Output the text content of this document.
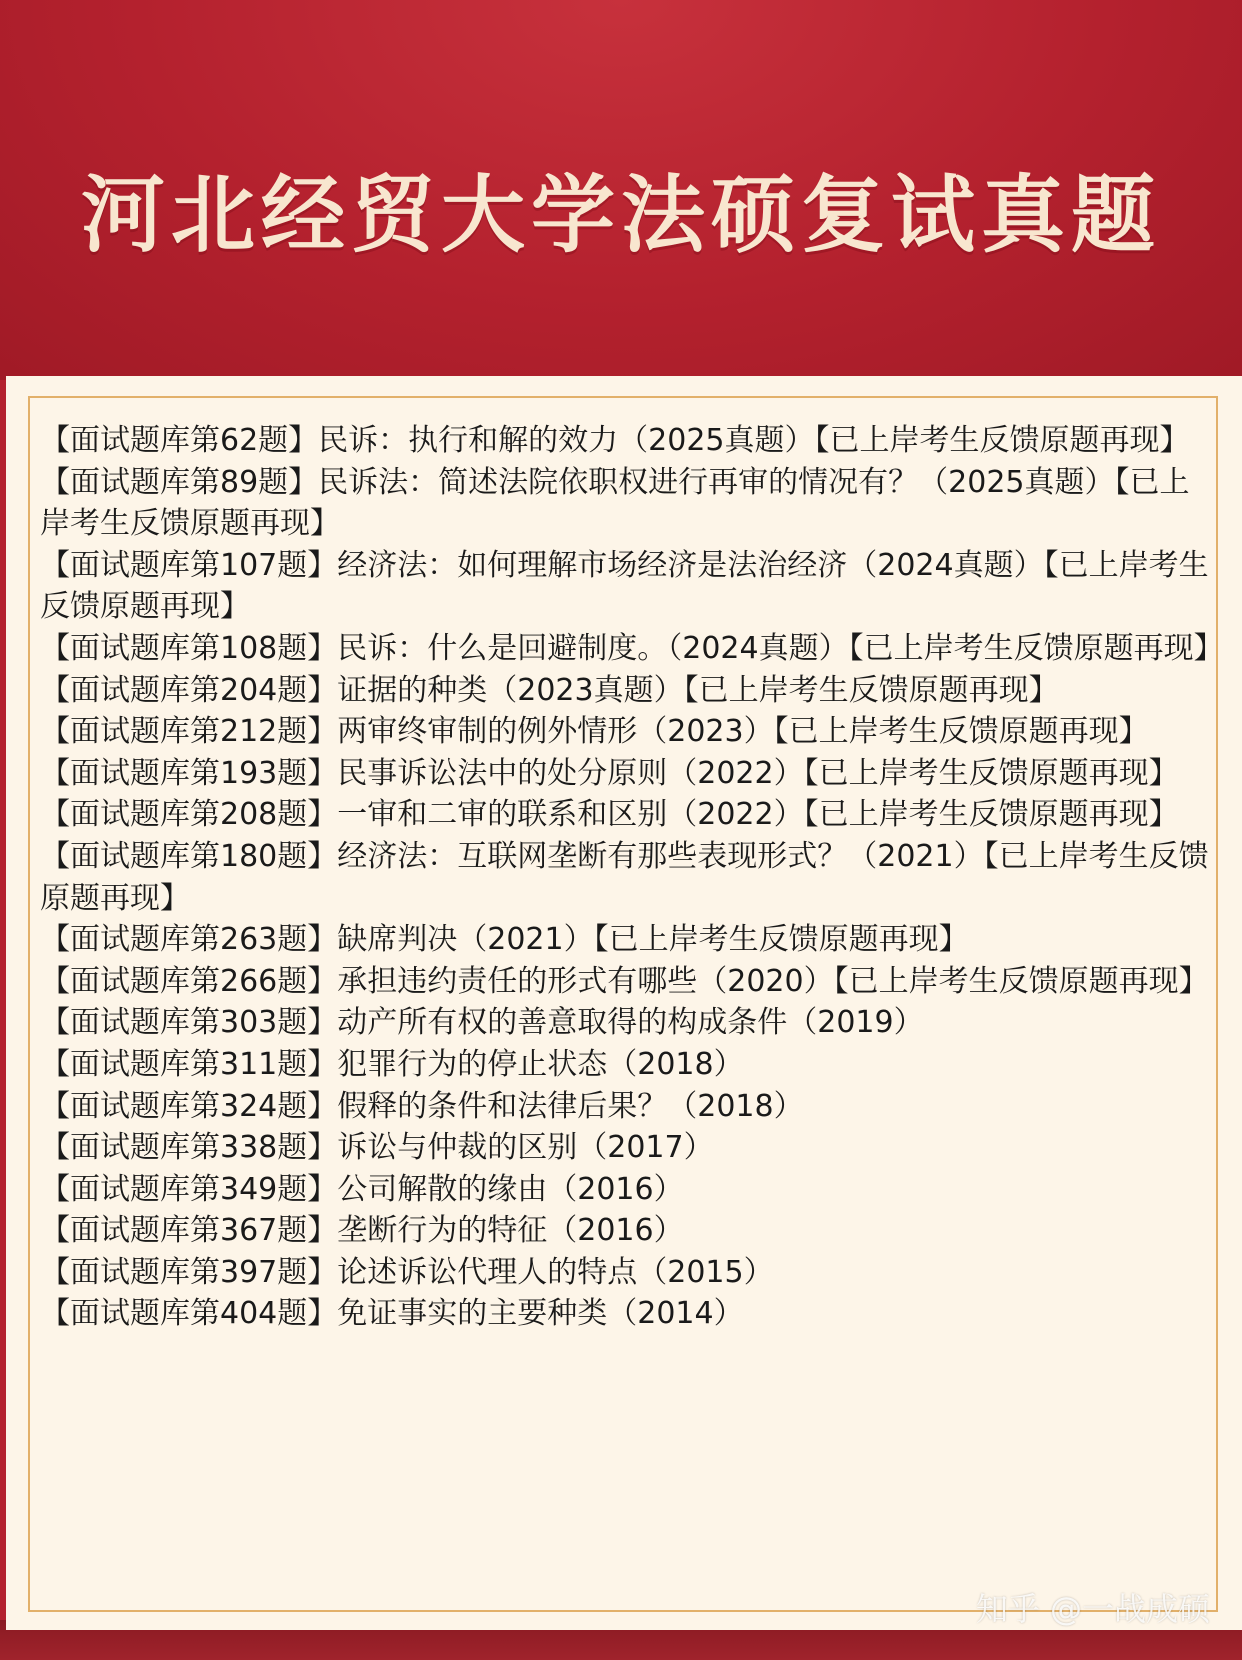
河北经贸大学法硕复试真题
【面试题库第62题】民诉：执行和解的效力（2025真题）【已上岸考生反馈原题再现】
【面试题库第89题】民诉法：简述法院依职权进行再审的情况有？（2025真题）【已上岸考生反馈原题再现】
【面试题库第107题】经济法：如何理解市场经济是法治经济（2024真题）【已上岸考生反馈原题再现】
【面试题库第108题】民诉：什么是回避制度。（2024真题）【已上岸考生反馈原题再现】
【面试题库第204题】证据的种类（2023真题）【已上岸考生反馈原题再现】
【面试题库第212题】两审终审制的例外情形（2023）【已上岸考生反馈原题再现】
【面试题库第193题】民事诉讼法中的处分原则（2022）【已上岸考生反馈原题再现】
【面试题库第208题】一审和二审的联系和区别（2022）【已上岸考生反馈原题再现】
【面试题库第180题】经济法：互联网垄断有那些表现形式？（2021）【已上岸考生反馈原题再现】
【面试题库第263题】缺席判决（2021）【已上岸考生反馈原题再现】
【面试题库第266题】承担违约责任的形式有哪些（2020）【已上岸考生反馈原题再现】
【面试题库第303题】动产所有权的善意取得的构成条件（2019）
【面试题库第311题】犯罪行为的停止状态（2018）
【面试题库第324题】假释的条件和法律后果？（2018）
【面试题库第338题】诉讼与仲裁的区别（2017）
【面试题库第349题】公司解散的缘由（2016）
【面试题库第367题】垄断行为的特征（2016）
【面试题库第397题】论述诉讼代理人的特点（2015）
【面试题库第404题】免证事实的主要种类（2014）
知乎 @一战成硕
